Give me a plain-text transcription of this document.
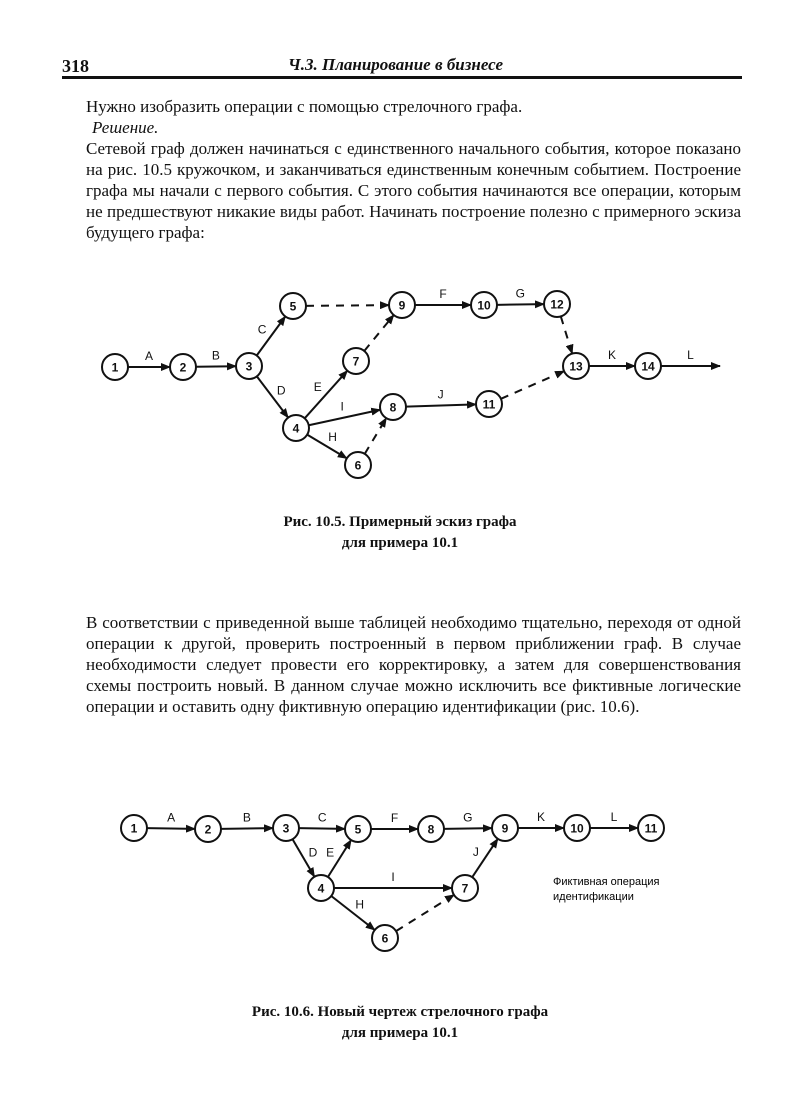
318	Ч.3. Планирование в бизнесе

Нужно изобразить операции с помощью стрелочного графа.

Решение.

Сетевой граф должен начинаться с единственного начального события, которое показано на рис. 10.5 кружочком, и заканчиваться единственным конечным событием. Построение графа мы начали с первого события. С этого события начинаются все операции, которым не предшествуют никакие виды работ. Начинать построение полезно с примерного эскиза будущего графа:

A	B
C
D E
I
H
F	G
J
K	L
1	2	3
4
5
6
7
8
9	10
11
12
13	14
Рис. 10.5. Примерный эскиз графа
для примера 10.1

В соответствии с приведенной выше таблицей необходимо тщательно, переходя от одной операции к другой, проверить построенный в первом приближении граф. В случае необходимости следует провести его корректировку, а затем для совершенствования схемы построить новый. В данном случае можно исключить все фиктивные логические операции и оставить одну фиктивную операцию идентификации (рис. 10.6).

Фиктивная операция
идентификации
A	B	C
D E
I
H
F	G
J
K	L
1	2	3
4
5
6
7
8	9	10	11
Рис. 10.6. Новый чертеж стрелочного графа
для примера 10.1
